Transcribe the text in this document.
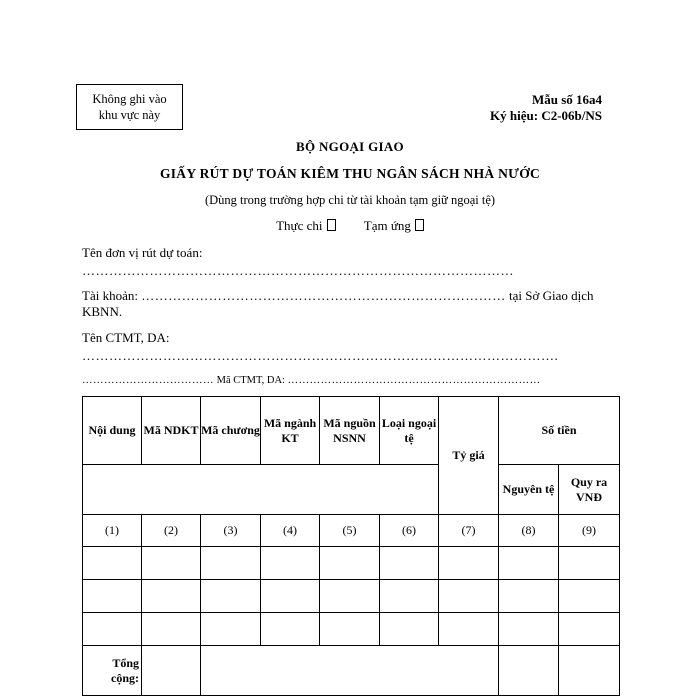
Không ghi vào
khu vực này
Mẫu số 16a4
Ký hiệu: C2-06b/NS
BỘ NGOẠI GIAO
GIẤY RÚT DỰ TOÁN KIÊM THU NGÂN SÁCH NHÀ NƯỚC
(Dùng trong trường hợp chi từ tài khoản tạm giữ ngoại tệ)
Thực chi	Tạm ứng
Tên đơn vị rút dự toán:
……………………………………………………………………………………
Tài khoản: ……………………………………………………………………… tại Sở Giao dịch
KBNN.
Tên CTMT, DA:
…………………………………………………………………………………………….
……………………………… Mã CTMT, DA: ……………………………………………………………
Nội dung	Mã NDKT	Mã chương	Mã ngành KT	Mã nguồn NSNN	Loại ngoại tệ	Tỷ giá	Số tiền	
							Nguyên tệ	Quy ra VNĐ
(1)	(2)	(3)	(4)	(5)	(6)	(7)	(8)	(9)

Tổng cộng:								
